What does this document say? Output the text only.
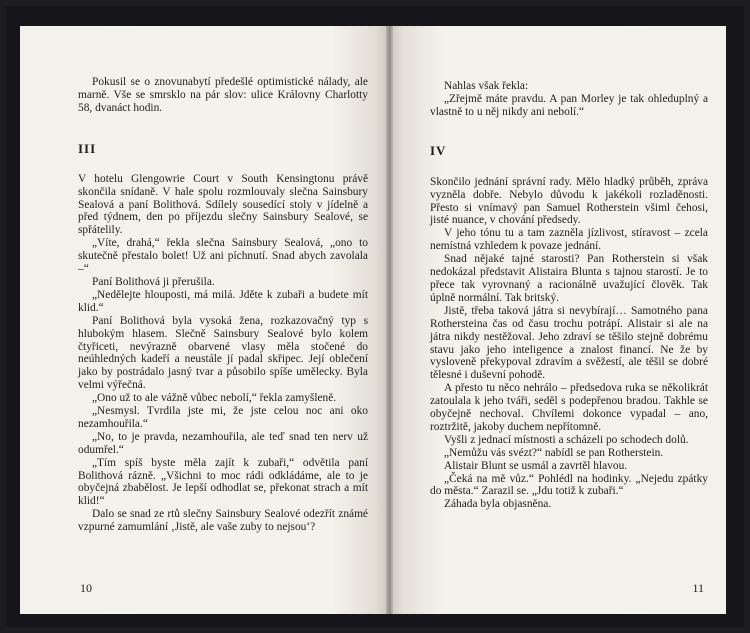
Pokusil se o znovunabytí předešlé optimistické nálady, ale marně. Vše se smrsklo na pár slov: ulice Královny Charlotty 58, dvanáct hodin.

III

V hotelu Glengowrie Court v South Kensingtonu právě skončila snídaně. V hale spolu rozmlouvaly slečna Sainsbury Sealová a paní Bolithová. Sdílely sousedící stoly v jídelně a před týdnem, den po příjezdu slečny Sainsbury Sealové, se spřátelily.

„Víte, drahá,“ řekla slečna Sainsbury Sealová, „ono to skutečně přestalo bolet! Už ani píchnutí. Snad abych zavolala –“

Paní Bolithová ji přerušila.

„Nedělejte hlouposti, má milá. Jděte k zubaři a budete mít klid.“

Paní Bolithová byla vysoká žena, rozkazovačný typ s hlubokým hlasem. Slečně Sainsbury Sealové bylo kolem čtyřiceti, nevýrazně obarvené vlasy měla stočené do neúhledných kadeří a neustále jí padal skřipec. Její oblečení jako by postrádalo jasný tvar a působilo spíše umělecky. Byla velmi výřečná.

„Ono už to ale vážně vůbec nebolí,“ řekla zamyšleně.

„Nesmysl. Tvrdila jste mi, že jste celou noc ani oko nezamhouřila.“

„No, to je pravda, nezamhouřila, ale teď snad ten nerv už odumřel.“

„Tím spíš byste měla zajít k zubaři,“ odvětila paní Bolithová rázně. „Všichni to moc rádi odkládáme, ale to je obyčejná zbabělost. Je lepší odhodlat se, překonat strach a mít klid!“

Dalo se snad ze rtů slečny Sainsbury Sealové odezřít známé vzpurné zamumlání ‚Jistě, ale vaše zuby to nejsou‘?

10

Nahlas však řekla:

„Zřejmě máte pravdu. A pan Morley je tak ohleduplný a vlastně to u něj nikdy ani nebolí.“

IV

Skončilo jednání správní rady. Mělo hladký průběh, zpráva vyzněla dobře. Nebylo důvodu k jakékoli rozladěnosti. Přesto si vnímavý pan Samuel Rotherstein všiml čehosi, jisté nuance, v chování předsedy.

V jeho tónu tu a tam zazněla jízlivost, stíravost – zcela nemístná vzhledem k povaze jednání.

Snad nějaké tajné starosti? Pan Rotherstein si však nedokázal představit Alistaira Blunta s tajnou starostí. Je to přece tak vyrovnaný a racionálně uvažující člověk. Tak úplně normální. Tak britský.

Jistě, třeba taková játra si nevybírají… Samotného pana Rothersteina čas od času trochu potrápí. Alistair si ale na játra nikdy nestěžoval. Jeho zdraví se těšilo stejně dobrému stavu jako jeho inteligence a znalost financí. Ne že by vysloveně překypoval zdravím a svěžestí, ale těšil se dobré tělesné i duševní pohodě.

A přesto tu něco nehrálo – předsedova ruka se několikrát zatoulala k jeho tváři, seděl s podepřenou bradou. Takhle se obyčejně nechoval. Chvílemi dokonce vypadal – ano, roztržitě, jakoby duchem nepřítomně.

Vyšli z jednací místnosti a scházeli po schodech dolů.

„Nemůžu vás svézt?“ nabídl se pan Rotherstein.

Alistair Blunt se usmál a zavrtěl hlavou.

„Čeká na mě vůz.“ Pohlédl na hodinky. „Nejedu zpátky do města.“ Zarazil se. „Jdu totiž k zubaři.“

Záhada byla objasněna.

11
